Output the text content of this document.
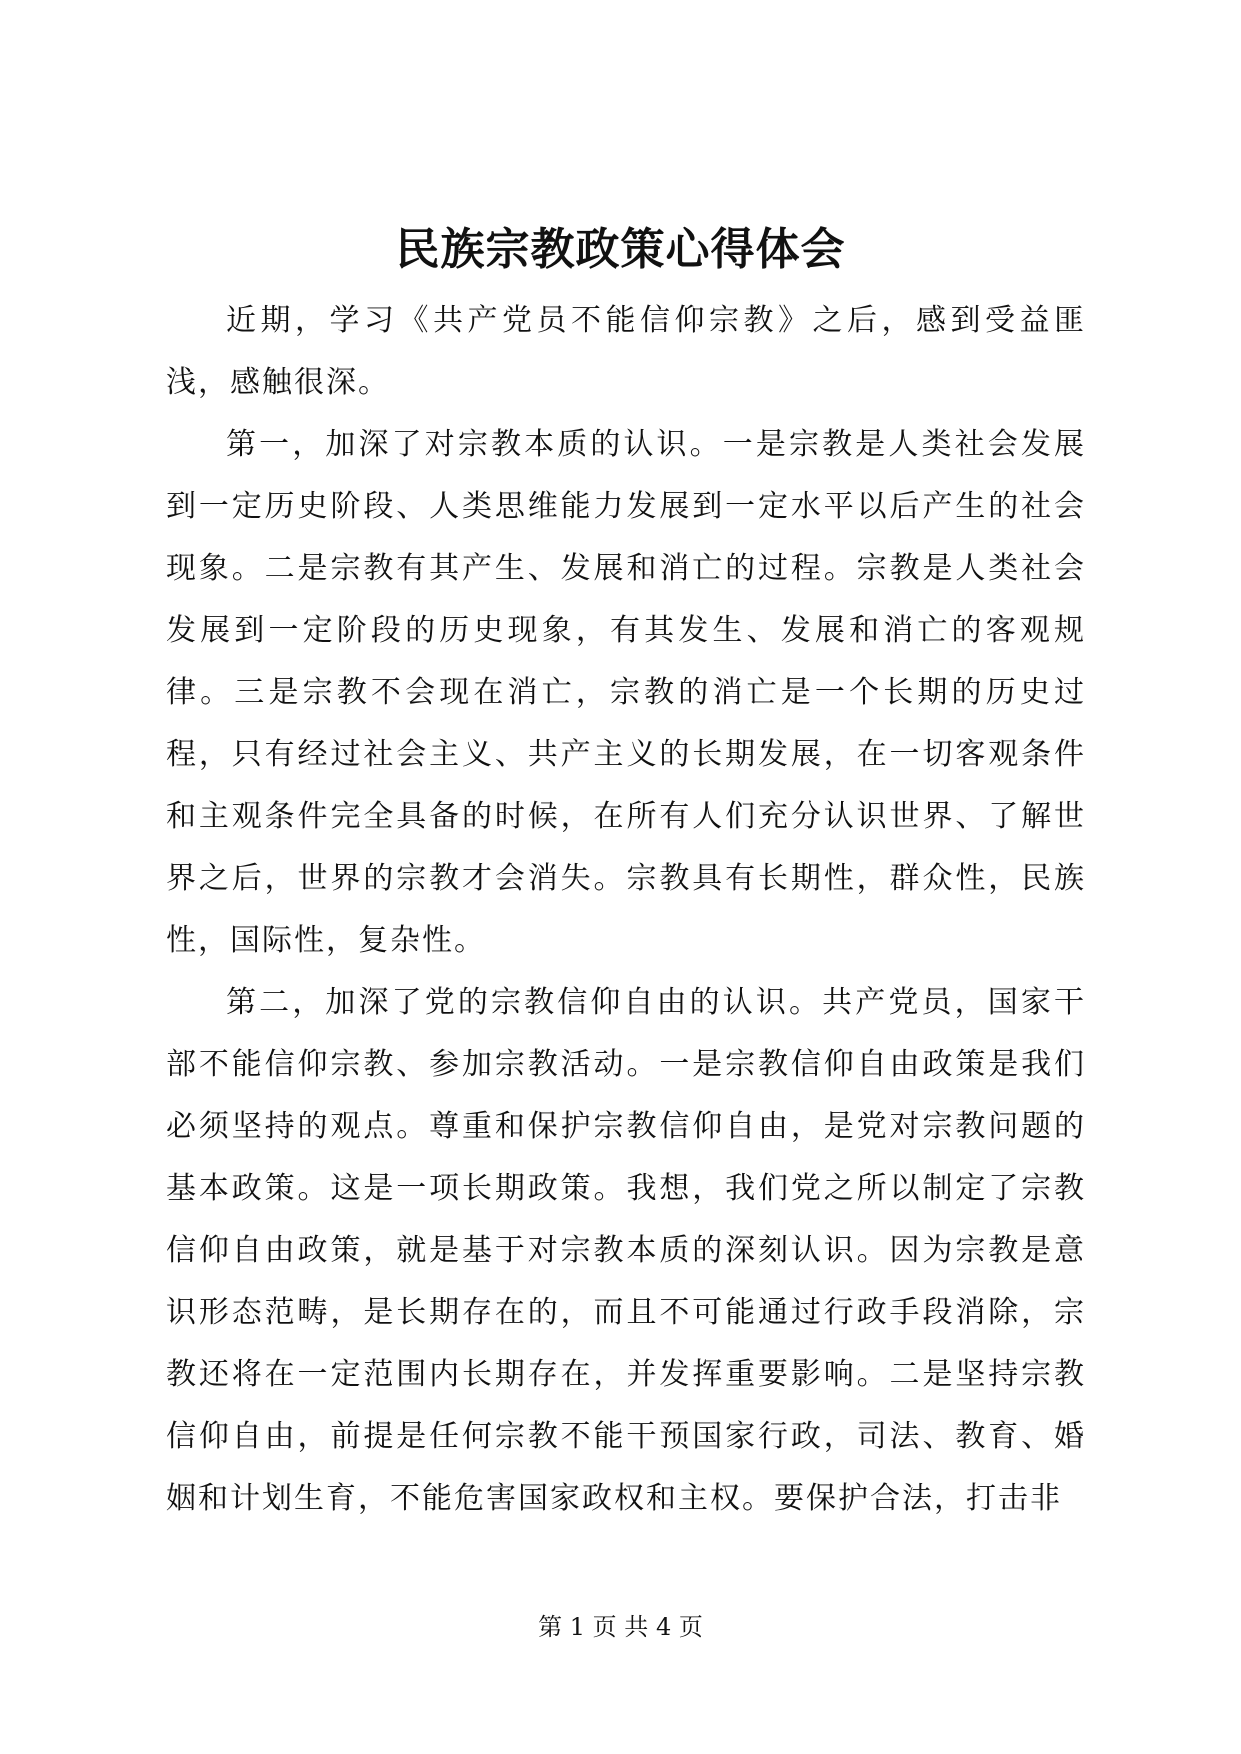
民族宗教政策心得体会

近期，学习《共产党员不能信仰宗教》之后，感到受益匪浅，感触很深。

第一，加深了对宗教本质的认识。一是宗教是人类社会发展到一定历史阶段、人类思维能力发展到一定水平以后产生的社会现象。二是宗教有其产生、发展和消亡的过程。宗教是人类社会发展到一定阶段的历史现象，有其发生、发展和消亡的客观规律。三是宗教不会现在消亡，宗教的消亡是一个长期的历史过程，只有经过社会主义、共产主义的长期发展，在一切客观条件和主观条件完全具备的时候，在所有人们充分认识世界、了解世界之后，世界的宗教才会消失。宗教具有长期性，群众性，民族性，国际性，复杂性。

第二，加深了党的宗教信仰自由的认识。共产党员，国家干部不能信仰宗教、参加宗教活动。一是宗教信仰自由政策是我们必须坚持的观点。尊重和保护宗教信仰自由，是党对宗教问题的基本政策。这是一项长期政策。我想，我们党之所以制定了宗教信仰自由政策，就是基于对宗教本质的深刻认识。因为宗教是意识形态范畴，是长期存在的，而且不可能通过行政手段消除，宗教还将在一定范围内长期存在，并发挥重要影响。二是坚持宗教信仰自由，前提是任何宗教不能干预国家行政，司法、教育、婚姻和计划生育，不能危害国家政权和主权。要保护合法，打击非

第 1 页 共 4 页
